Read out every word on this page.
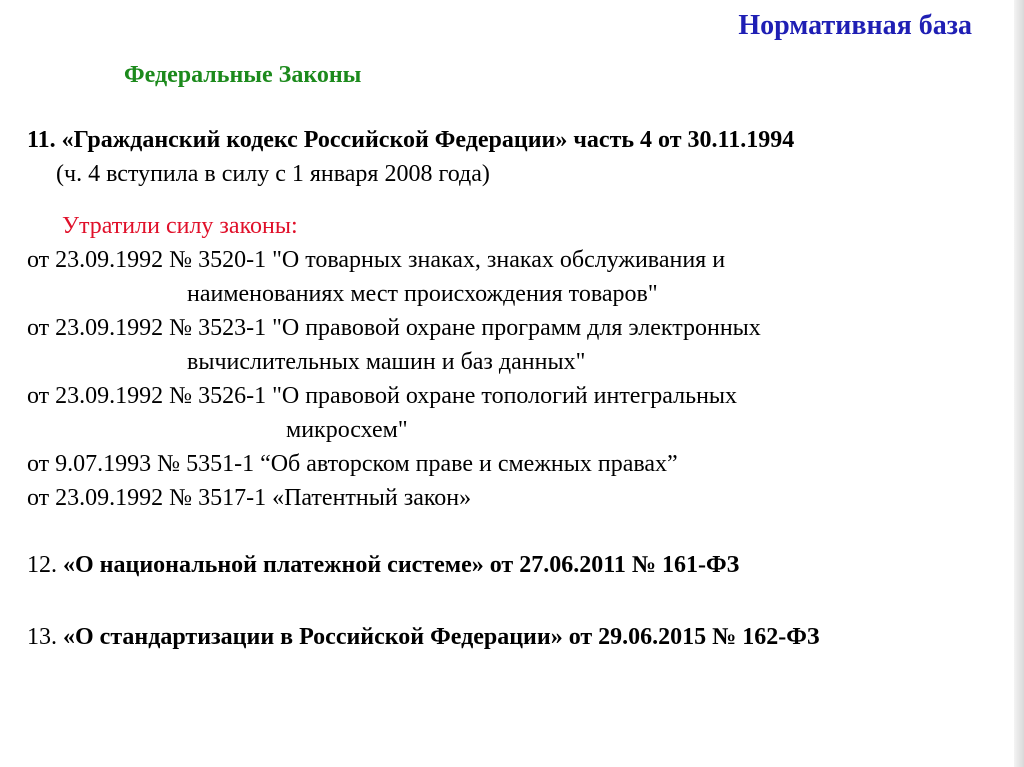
Нормативная база
Федеральные Законы
11. «Гражданский кодекс Российской Федерации» часть 4 от 30.11.1994
(ч. 4 вступила в силу с 1 января 2008 года)
Утратили силу законы:
от 23.09.1992 № 3520-1 "О товарных знаках, знаках обслуживания и
наименованиях мест происхождения товаров"
от 23.09.1992 № 3523-1 "О правовой охране программ для электронных
вычислительных машин и баз данных"
от 23.09.1992 № 3526-1 "О правовой охране топологий интегральных
микросхем"
от 9.07.1993 № 5351-1 “Об авторском праве и смежных правах”
от 23.09.1992 № 3517-1 «Патентный закон»
12. «О национальной платежной системе» от 27.06.2011 № 161-ФЗ
13. «О стандартизации в Российской Федерации» от 29.06.2015 № 162-ФЗ
